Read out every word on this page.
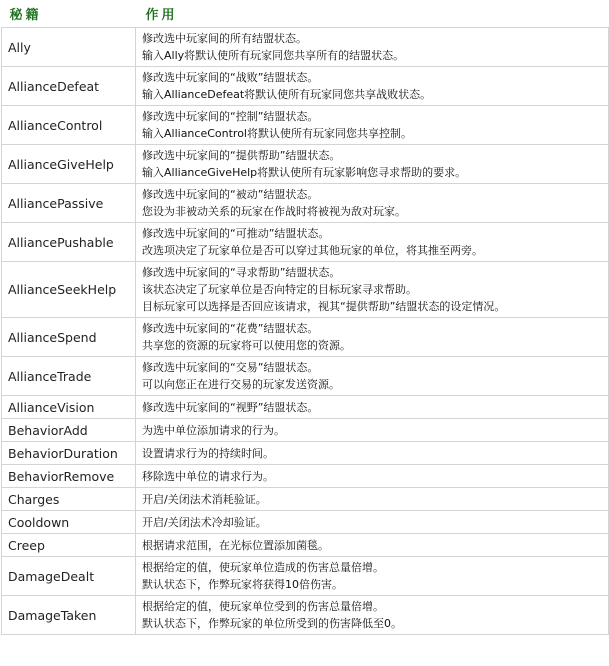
秘籍	作用
Ally	修改选中玩家间的所有结盟状态。
输入Ally将默认使所有玩家同您共享所有的结盟状态。

AllianceDefeat	修改选中玩家间的“战败”结盟状态。
输入AllianceDefeat将默认使所有玩家同您共享战败状态。

AllianceControl	修改选中玩家间的“控制”结盟状态。
输入AllianceControl将默认使所有玩家同您共享控制。

AllianceGiveHelp	修改选中玩家间的“提供帮助”结盟状态。
输入AllianceGiveHelp将默认使所有玩家影响您寻求帮助的要求。

AlliancePassive	修改选中玩家间的“被动”结盟状态。
您设为非被动关系的玩家在作战时将被视为敌对玩家。

AlliancePushable	修改选中玩家间的“可推动”结盟状态。
改选项决定了玩家单位是否可以穿过其他玩家的单位，将其推至两旁。

AllianceSeekHelp	修改选中玩家间的“寻求帮助”结盟状态。
该状态决定了玩家单位是否向特定的目标玩家寻求帮助。
目标玩家可以选择是否回应该请求，视其“提供帮助”结盟状态的设定情况。

AllianceSpend	修改选中玩家间的“花费”结盟状态。
共享您的资源的玩家将可以使用您的资源。

AllianceTrade	修改选中玩家间的“交易”结盟状态。
可以向您正在进行交易的玩家发送资源。

AllianceVision	修改选中玩家间的“视野”结盟状态。

BehaviorAdd	为选中单位添加请求的行为。

BehaviorDuration	设置请求行为的持续时间。

BehaviorRemove	移除选中单位的请求行为。

Charges	开启/关闭法术消耗验证。

Cooldown	开启/关闭法术冷却验证。

Creep	根据请求范围，在光标位置添加菌毯。

DamageDealt	根据给定的值，使玩家单位造成的伤害总量倍增。
默认状态下，作弊玩家将获得10倍伤害。

DamageTaken	根据给定的值，使玩家单位受到的伤害总量倍增。
默认状态下，作弊玩家的单位所受到的伤害降低至0。
